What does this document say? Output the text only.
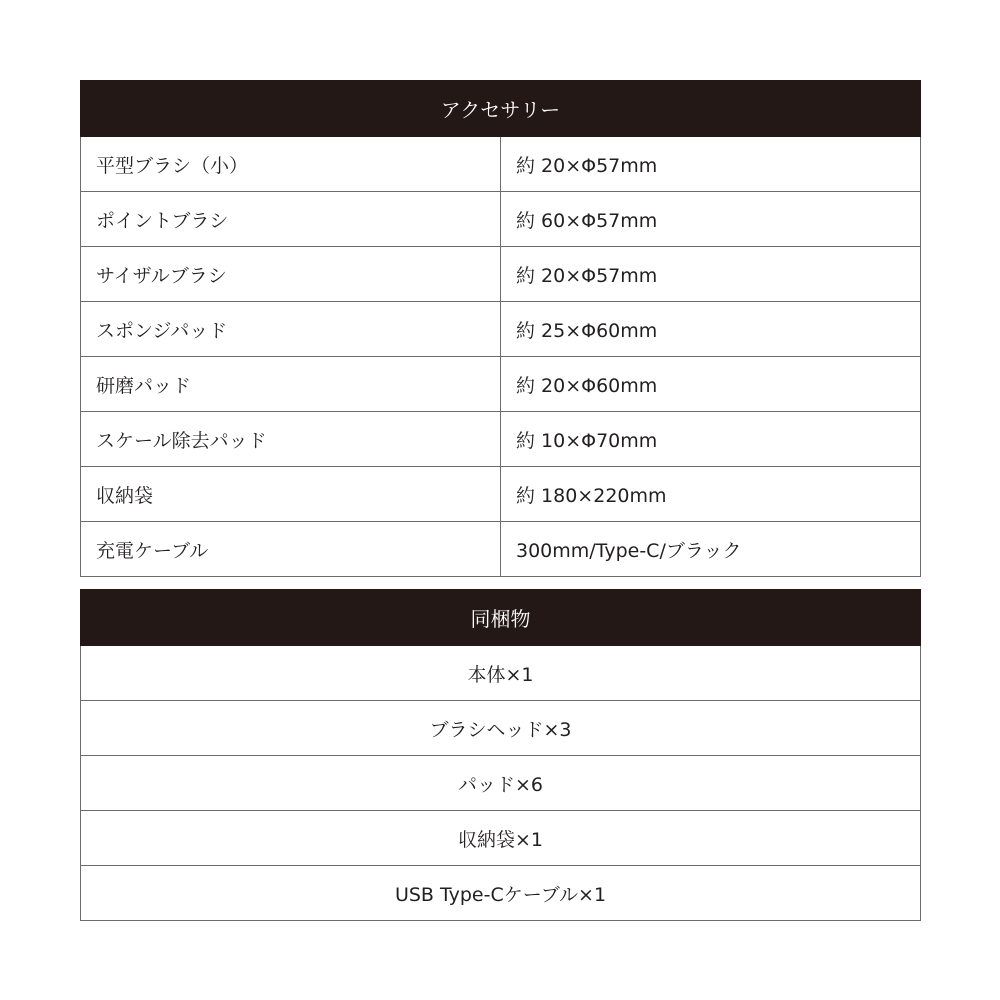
アクセサリー	
平型ブラシ（小）	約 20×Φ57mm
ポイントブラシ	約 60×Φ57mm
サイザルブラシ	約 20×Φ57mm
スポンジパッド	約 25×Φ60mm
研磨パッド	約 20×Φ60mm
スケール除去パッド	約 10×Φ70mm
収納袋	約 180×220mm
充電ケーブル	300mm/Type-C/ブラック
同梱物
本体×1
ブラシヘッド×3
パッド×6
収納袋×1
USB Type-Cケーブル×1
